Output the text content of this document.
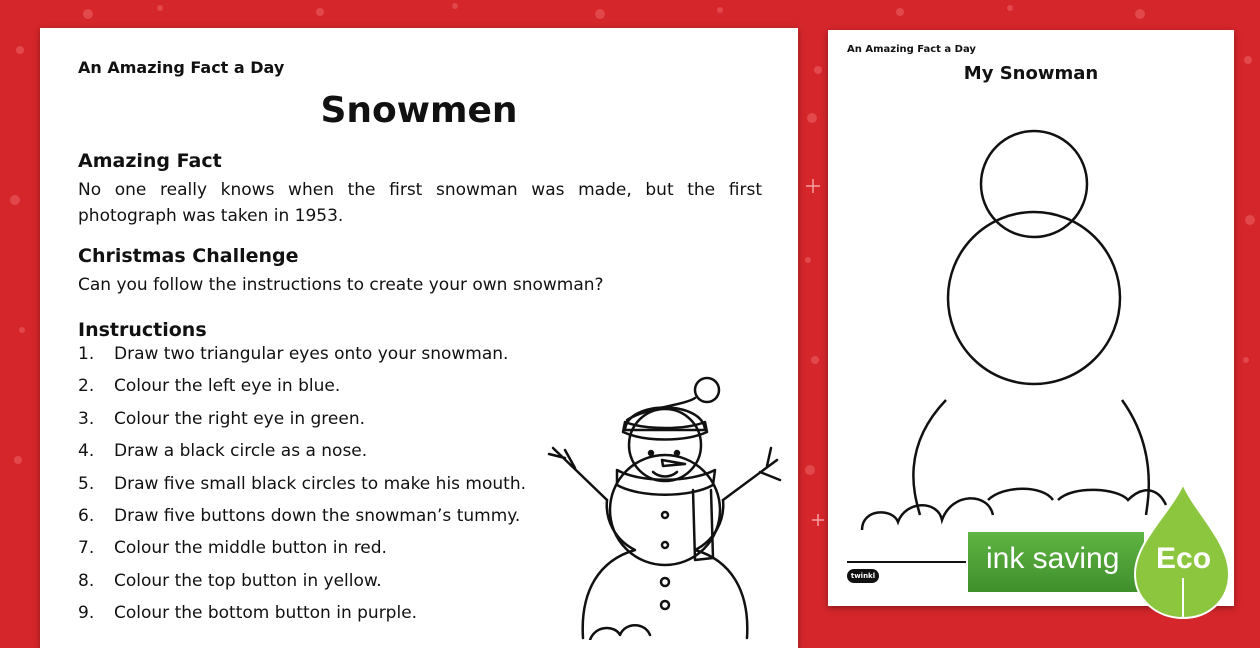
An Amazing Fact a Day
Snowmen
Amazing Fact
No one really knows when the first snowman was made, but the first photograph was taken in 1953.
Christmas Challenge
Can you follow the instructions to create your own snowman?
Instructions
1.	Draw two triangular eyes onto your snowman.
2.	Colour the left eye in blue.
3.	Colour the right eye in green.
4.	Draw a black circle as a nose.
5.	Draw five small black circles to make his mouth.
6.	Draw five buttons down the snowman’s tummy.
7.	Colour the middle button in red.
8.	Colour the top button in yellow.
9.	Colour the bottom button in purple.
An Amazing Fact a Day
My Snowman
twinkl
ink saving Eco
